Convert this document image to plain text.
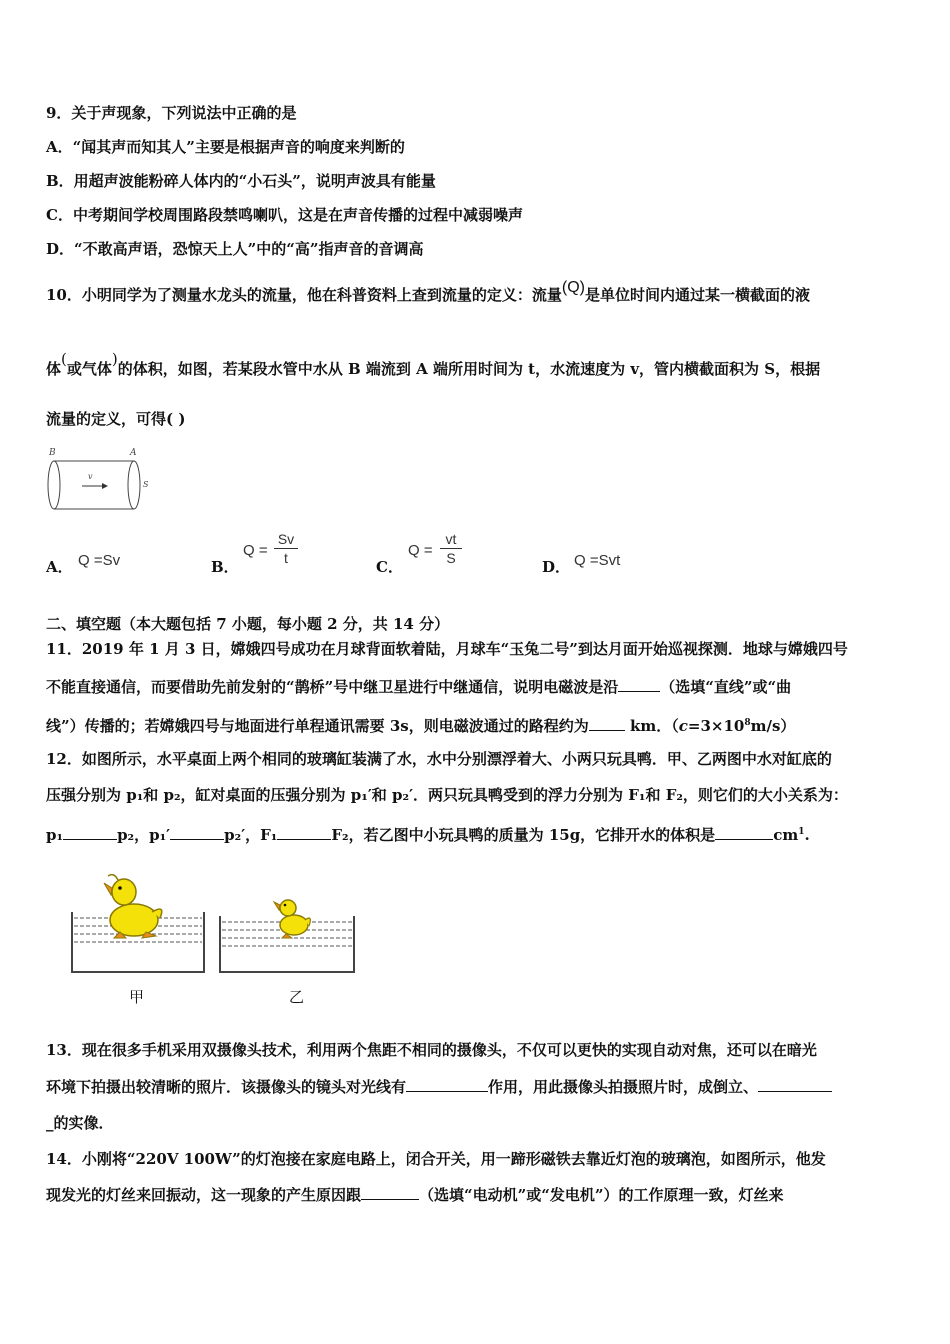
9．关于声现象，下列说法中正确的是
A．“闻其声而知其人”主要是根据声音的响度来判断的
B．用超声波能粉碎人体内的“小石头”，说明声波具有能量
C．中考期间学校周围路段禁鸣喇叭，这是在声音传播的过程中减弱噪声
D．“不敢高声语，恐惊天上人”中的“高”指声音的音调高
10．小明同学为了测量水龙头的流量，他在科普资料上查到流量的定义：流量(Q)是单位时间内通过某一横截面的液
体(或气体)的体积，如图，若某段水管中水从 B 端流到 A 端所用时间为 t，水流速度为 v，管内横截面积为 S，根据
流量的定义，可得( )
B	A
v
S
A． Q =Sv	B．
Q =
Sv
t	C．
Q =
vt
S	D． Q =Svt
二、填空题（本大题包括 7 小题，每小题 2 分，共 14 分）
11．2019 年 1 月 3 日，嫦娥四号成功在月球背面软着陆，月球车“玉兔二号”到达月面开始巡视探测．地球与嫦娥四号
不能直接通信，而要借助先前发射的“鹊桥”号中继卫星进行中继通信，说明电磁波是沿	（选填“直线”或“曲
线”）传播的；若嫦娥四号与地面进行单程通讯需要 3s，则电磁波通过的路程约为 km．$(c=3\times 10^8m/s)$
12．如图所示，水平桌面上两个相同的玻璃缸装满了水，水中分别漂浮着大、小两只玩具鸭．甲、乙两图中水对缸底的
压强分别为 p₁和 p₂，缸对桌面的压强分别为 p₁′和 p₂′．两只玩具鸭受到的浮力分别为 F₁和 F₂，则它们的大小关系为：
p₁	p₂，p₁′	p₂′，F₁	F₂，若乙图中小玩具鸭的质量为 15g，它排开水的体积是	$cm^1$.
甲	乙
13．现在很多手机采用双摄像头技术，利用两个焦距不相同的摄像头，不仅可以更快的实现自动对焦，还可以在暗光
环境下拍摄出较清晰的照片．该摄像头的镜头对光线有	作用，用此摄像头拍摄照片时，成倒立、
_的实像．
14．小刚将“220V 100W”的灯泡接在家庭电路上，闭合开关，用一蹄形磁铁去靠近灯泡的玻璃泡，如图所示，他发
现发光的灯丝来回振动，这一现象的产生原因跟	（选填“电动机”或“发电机”）的工作原理一致，灯丝来
